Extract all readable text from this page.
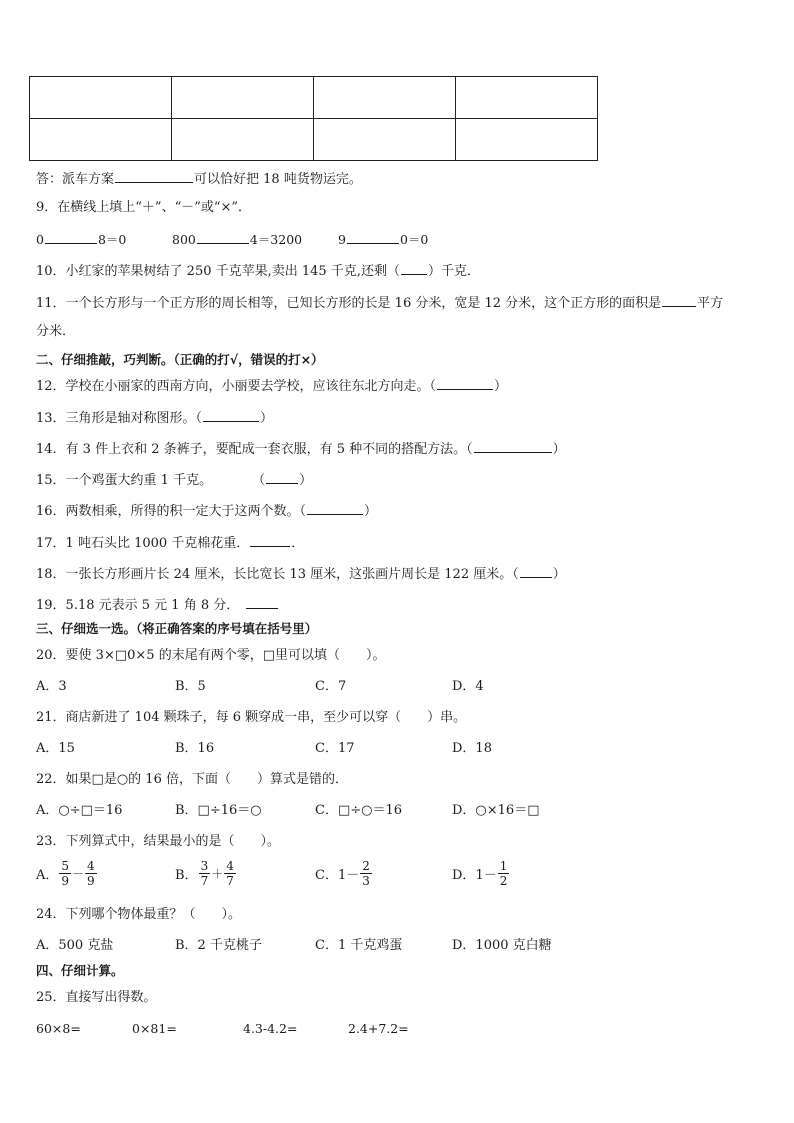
答：派车方案	可以恰好把 18 吨货物运完。
9．在横线上填上“＋”、“－”或“×”．
0	8＝0	800	4＝3200	9	0＝0
10．小红家的苹果树结了 250 千克苹果,卖出 145 千克,还剩（ ）千克．
11．一个长方形与一个正方形的周长相等，已知长方形的长是 16 分米，宽是 12 分米，这个正方形的面积是	平方
分米．
二、仔细推敲，巧判断。（正确的打√，错误的打×）
12．学校在小丽家的西南方向，小丽要去学校，应该往东北方向走。（	）
13．三角形是轴对称图形。（	）
14．有 3 件上衣和 2 条裤子，要配成一套衣服，有 5 种不同的搭配方法。（	）
15．一个鸡蛋大约重 1 千克。	（	）
16．两数相乘，所得的积一定大于这两个数。（	）
17．1 吨石头比 1000 千克棉花重．	．
18．一张长方形画片长 24 厘米，长比宽长 13 厘米，这张画片周长是 122 厘米。（	）
19．5.18 元表示 5 元 1 角 8 分．
三、仔细选一选。（将正确答案的序号填在括号里）
20．要使 3×□0×5 的末尾有两个零，□里可以填（　　）。
A．3	B．5	C．7	D．4
21．商店新进了 104 颗珠子，每 6 颗穿成一串，至少可以穿（　　）串。
A．15	B．16	C．17	D．18
22．如果□是○的 16 倍，下面（　　）算式是错的．
A．○÷□＝16	B．□÷16＝○	C．□÷○＝16	D．○×16＝□
23．下列算式中，结果最小的是（　　）。
A． $\frac{5}{9} - \frac{4}{9}$	B． $\frac{3}{7} + \frac{4}{7}$	C． $1- \frac{2}{3}$	D． $1- \frac{1}{2}$
24．下列哪个物体最重？（　　）。
A．500 克盐	B．2 千克桃子	C．1 千克鸡蛋	D．1000 克白糖
四、仔细计算。
25．直接写出得数。
60×8=	0×81=	4.3-4.2=	2.4+7.2=
